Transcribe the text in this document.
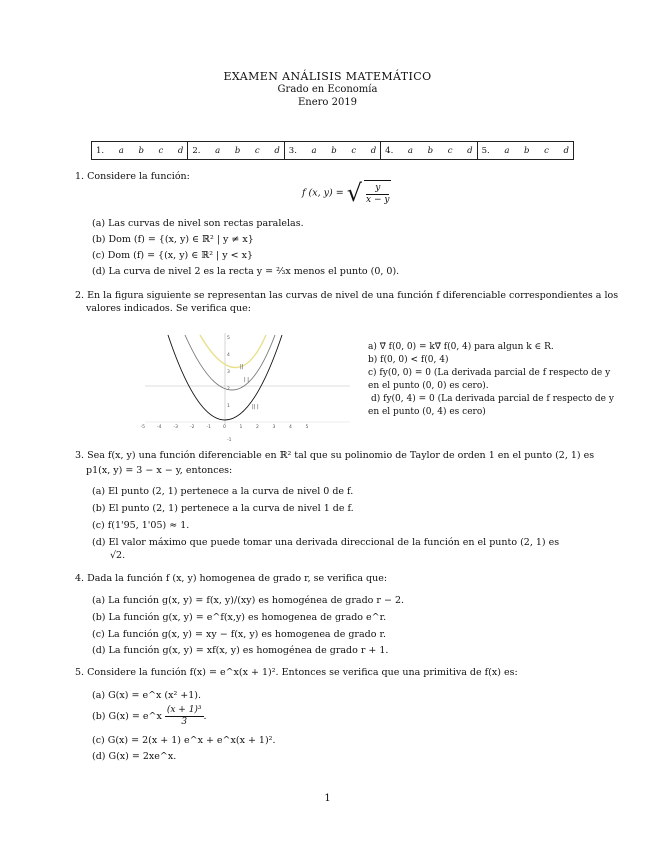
EXAMEN ANÁLISIS MATEMÁTICO
Grado en Economía
Enero 2019
1. a b c d	2. a b c d	3. a b c d	4. a b c d	5. a b c d
1. Considere la función:
f (x, y) = √ $\frac{y}{x - y}$
(a) Las curvas de nivel son rectas paralelas.
(b) Dom (f) = {(x, y) ∈ ℝ² | y ≠ x}
(c) Dom (f) = {(x, y) ∈ ℝ² | y < x}
(d) La curva de nivel 2 es la recta y = ⅔x menos el punto (0, 0).
2. En la figura siguiente se representan las curvas de nivel de una función f diferenciable correspondientes a los
valores indicados. Se verifica que:
-5	-4	-3	-2	-1	0	1	2	3	4	5
-1
1
2
3
4
5
||
| |
|| |
a) ∇⃗ f(0, 0) = k∇⃗ f(0, 4) para algun k ∈ R.
b) f(0, 0) < f(0, 4)
c) fy(0, 0) = 0 (La derivada parcial de f respecto de y
en el punto (0, 0) es cero).
d) fy(0, 4) = 0 (La derivada parcial de f respecto de y
en el punto (0, 4) es cero)
3. Sea f(x, y) una función diferenciable en ℝ² tal que su polinomio de Taylor de orden 1 en el punto (2, 1) es
p1(x, y) = 3 − x − y, entonces:
(a) El punto (2, 1) pertenece a la curva de nivel 0 de f.
(b) El punto (2, 1) pertenece a la curva de nivel 1 de f.
(c) f(1'95, 1'05) ≈ 1.
(d) El valor máximo que puede tomar una derivada direccional de la función en el punto (2, 1) es
√2.
4. Dada la función f (x, y) homogenea de grado r, se verifica que:
(a) La función g(x, y) = f(x, y)/(xy) es homogénea de grado r − 2.
(b) La función g(x, y) = e^f(x,y) es homogenea de grado e^r.
(c) La función g(x, y) = xy − f(x, y) es homogenea de grado r.
(d) La función g(x, y) = xf(x, y) es homogénea de grado r + 1.
5. Considere la función f(x) = e^x(x + 1)². Entonces se verifica que una primitiva de f(x) es:
(a) G(x) = e^x (x² +1).
(b) G(x) = e^x $\frac{\text{(x + 1)³}}{3}$ .
(c) G(x) = 2(x + 1) e^x + e^x(x + 1)².
(d) G(x) = 2xe^x.
1
